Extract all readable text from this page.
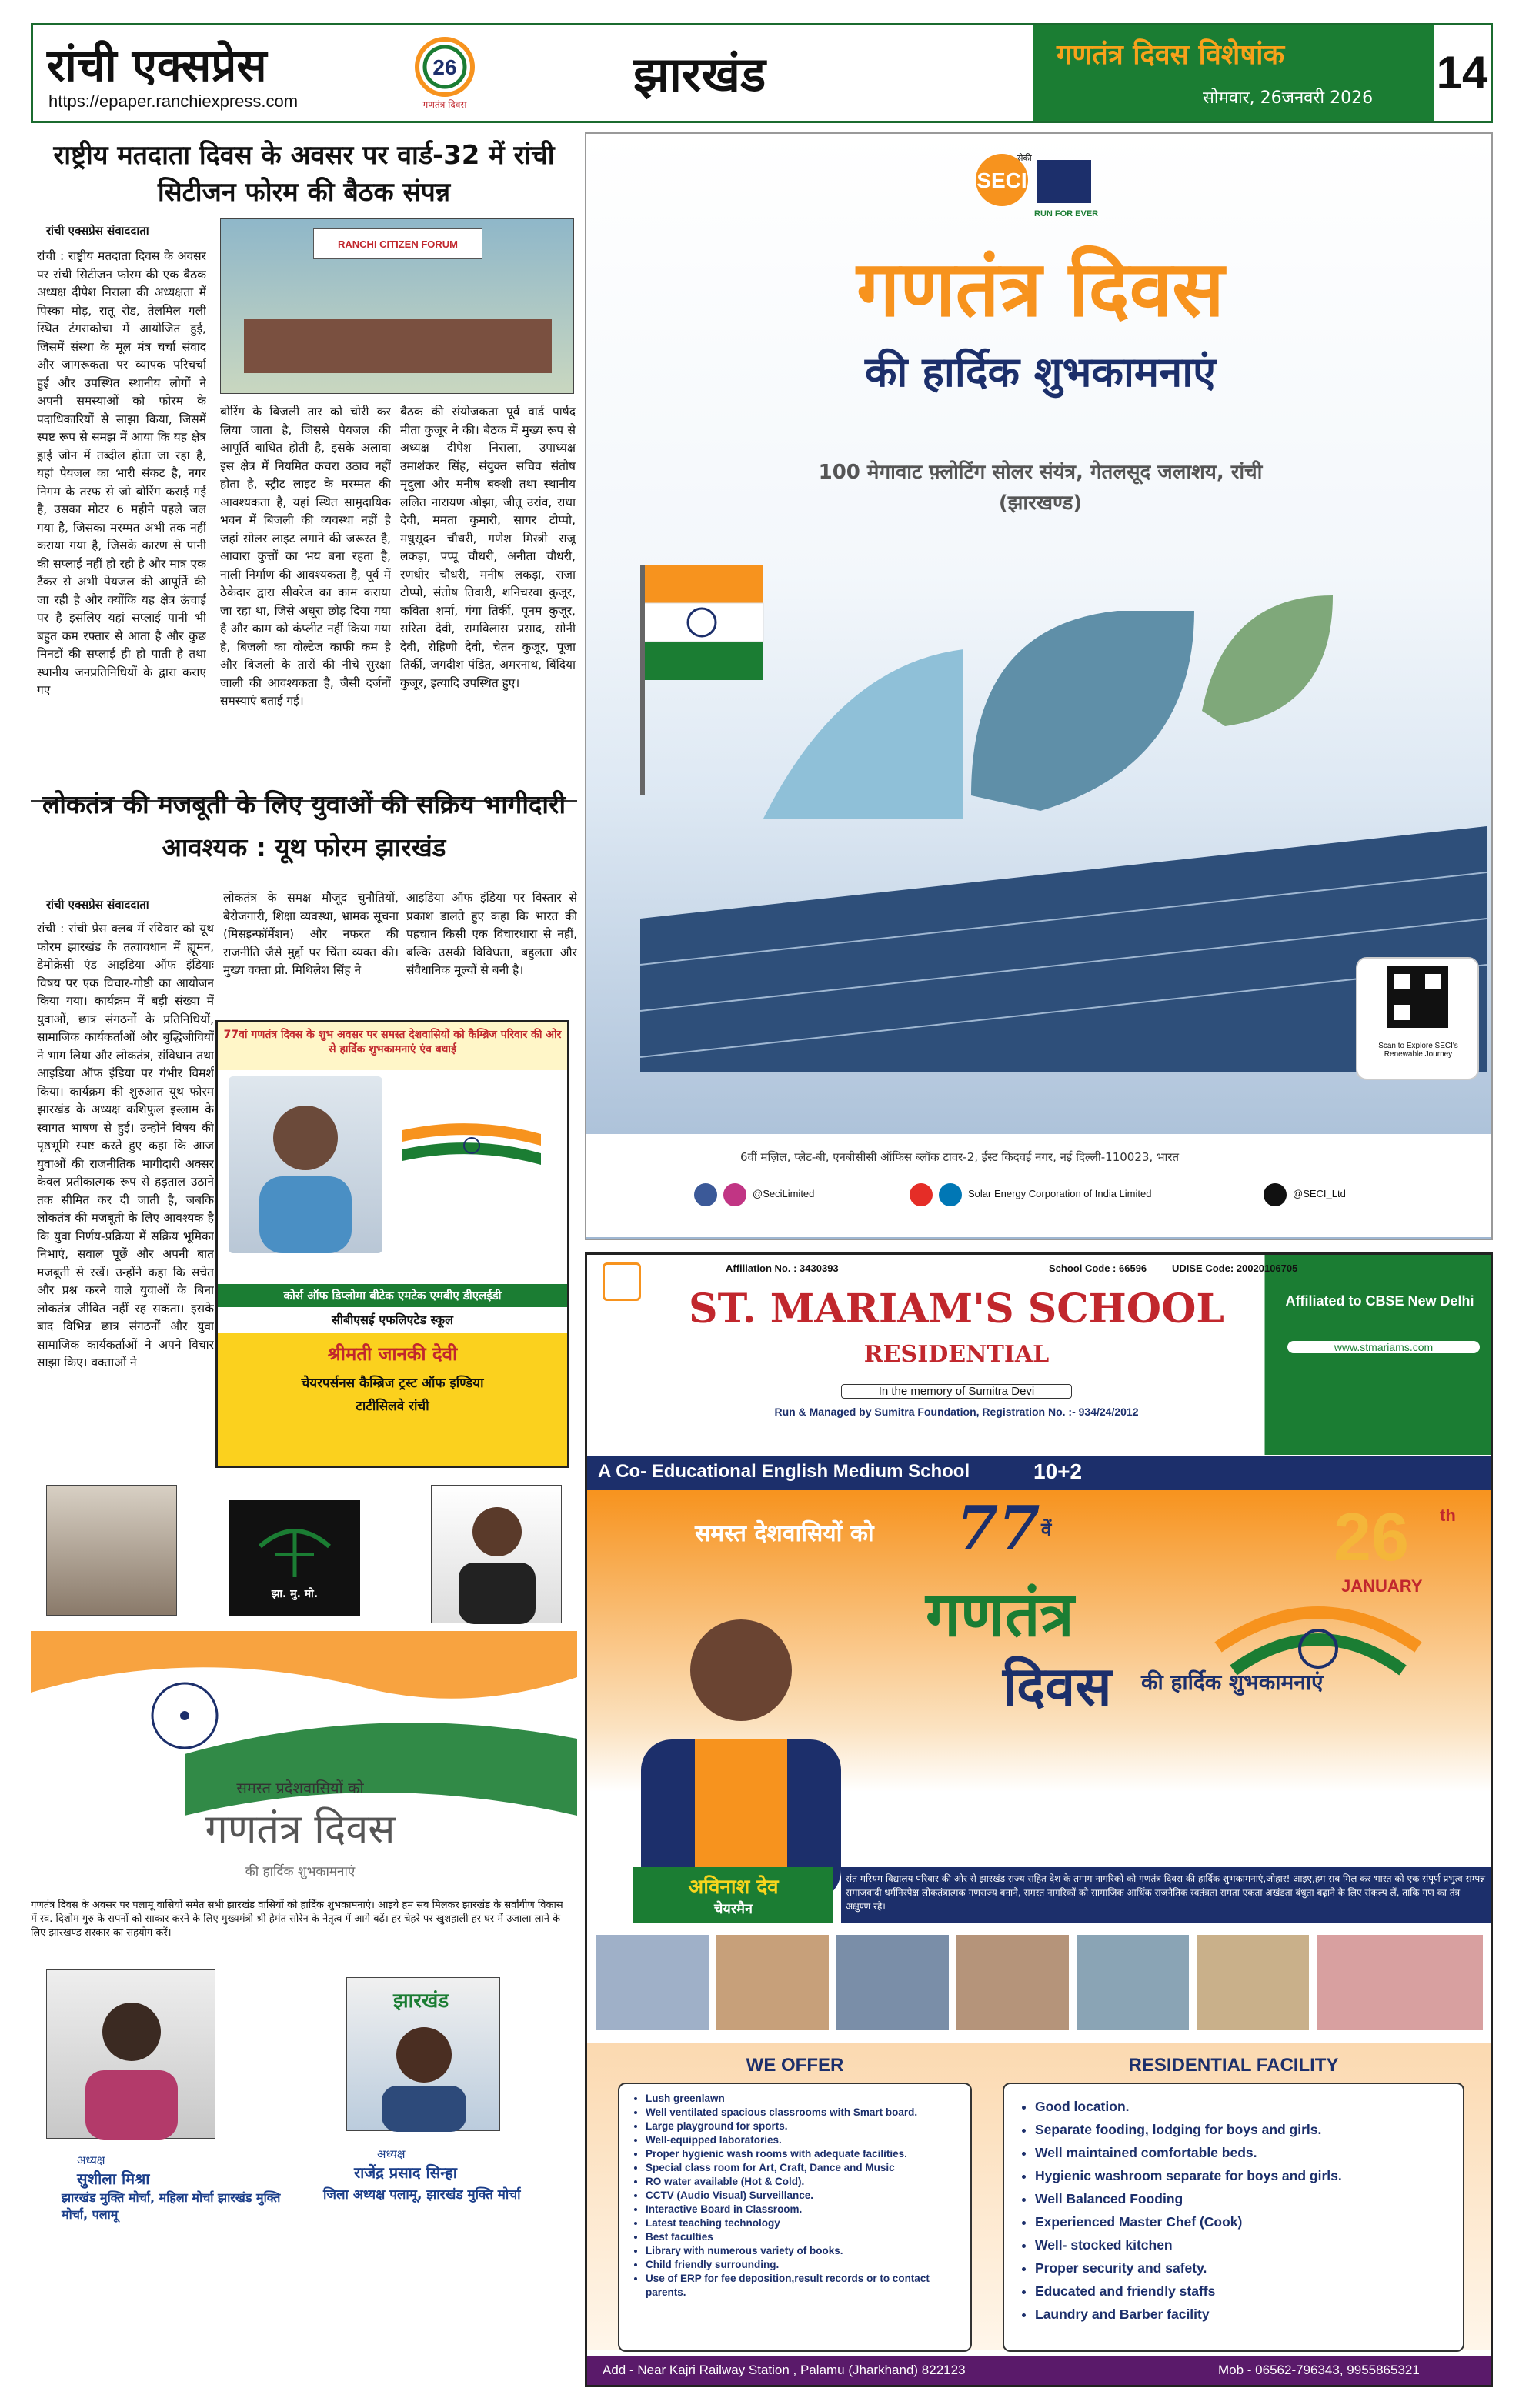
रांची एक्सप्रेस
https://epaper.ranchiexpress.com
26
गणतंत्र दिवस
झारखंड	गणतंत्र दिवस विशेषांक
सोमवार, 26जनवरी 2026 14
राष्ट्रीय मतदाता दिवस के अवसर पर वार्ड-32 में रांची सिटीजन फोरम की बैठक संपन्न
रांची एक्सप्रेस संवाददाता
रांची : राष्ट्रीय मतदाता दिवस के अवसर पर रांची सिटीजन फोरम की एक बैठक अध्यक्ष दीपेश निराला की अध्यक्षता में पिस्का मोड़, रातू रोड, तेलमिल गली स्थित टंगराकोचा में आयोजित हुई, जिसमें संस्था के मूल मंत्र चर्चा संवाद और जागरूकता पर व्यापक परिचर्चा हुई और उपस्थित स्थानीय लोगों ने अपनी समस्याओं को फोरम के पदाधिकारियों से साझा किया, जिसमें स्पष्ट रूप से समझ में आया कि यह क्षेत्र ड्राई जोन में तब्दील होता जा रहा है, यहां पेयजल का भारी संकट है, नगर निगम के तरफ से जो बोरिंग कराई गई है, उसका मोटर 6 महीने पहले जल गया है, जिसका मरम्मत अभी तक नहीं कराया गया है, जिसके कारण से पानी की सप्लाई नहीं हो रही है और मात्र एक टैंकर से अभी पेयजल की आपूर्ति की जा रही है और क्योंकि यह क्षेत्र ऊंचाई पर है इसलिए यहां सप्लाई पानी भी बहुत कम रफ्तार से आता है और कुछ मिनटों की सप्लाई ही हो पाती है तथा स्थानीय जनप्रतिनिधियों के द्वारा कराए गए
RANCHI CITIZEN FORUM
बोरिंग के बिजली तार को चोरी कर लिया जाता है, जिससे पेयजल की आपूर्ति बाधित होती है, इसके अलावा इस क्षेत्र में नियमित कचरा उठाव नहीं होता है, स्ट्रीट लाइट के मरम्मत की आवश्यकता है, यहां स्थित सामुदायिक भवन में बिजली की व्यवस्था नहीं है जहां सोलर लाइट लगाने की जरूरत है, आवारा कुत्तों का भय बना रहता है, नाली निर्माण की आवश्यकता है, पूर्व में ठेकेदार द्वारा सीवरेज का काम कराया जा रहा था, जिसे अधूरा छोड़ दिया गया है और काम को कंप्लीट नहीं किया गया है, बिजली का वोल्टेज काफी कम है और बिजली के तारों की नीचे सुरक्षा जाली की आवश्यकता है, जैसी दर्जनों समस्याएं बताई गई।
बैठक की संयोजकता पूर्व वार्ड पार्षद मीता कुजूर ने की। बैठक में मुख्य रूप से अध्यक्ष दीपेश निराला, उपाध्यक्ष उमाशंकर सिंह, संयुक्त सचिव संतोष मृदुला और मनीष बक्शी तथा स्थानीय ललित नारायण ओझा, जीतू उरांव, राधा देवी, ममता कुमारी, सागर टोप्पो, मधुसूदन चौधरी, गणेश मिस्त्री राजू लकड़ा, पप्पू चौधरी, अनीता चौधरी, रणधीर चौधरी, मनीष लकड़ा, राजा टोप्पो, संतोष तिवारी, शनिचरवा कुजूर, कविता शर्मा, गंगा तिर्की, पूनम कुजूर, सरिता देवी, रामविलास प्रसाद, सोनी देवी, रोहिणी देवी, चेतन कुजूर, पूजा तिर्की, जगदीश पंडित, अमरनाथ, बिंदिया कुजूर, इत्यादि उपस्थित हुए।
लोकतंत्र की मजबूती के लिए युवाओं की सक्रिय भागीदारी आवश्यक : यूथ फोरम झारखंड
रांची एक्सप्रेस संवाददाता
रांची : रांची प्रेस क्लब में रविवार को यूथ फोरम झारखंड के तत्वावधान में ह्यूमन, डेमोक्रेसी एंड आइडिया ऑफ इंडियाः विषय पर एक विचार-गोष्ठी का आयोजन किया गया। कार्यक्रम में बड़ी संख्या में युवाओं, छात्र संगठनों के प्रतिनिधियों, सामाजिक कार्यकर्ताओं और बुद्धिजीवियों ने भाग लिया और लोकतंत्र, संविधान तथा आइडिया ऑफ इंडिया पर गंभीर विमर्श किया। कार्यक्रम की शुरुआत यूथ फोरम झारखंड के अध्यक्ष कशिफुल इस्लाम के स्वागत भाषण से हुई। उन्होंने विषय की पृष्ठभूमि स्पष्ट करते हुए कहा कि आज युवाओं की राजनीतिक भागीदारी अक्सर केवल प्रतीकात्मक रूप से हड़ताल उठाने तक सीमित कर दी जाती है, जबकि लोकतंत्र की मजबूती के लिए आवश्यक है कि युवा निर्णय-प्रक्रिया में सक्रिय भूमिका निभाएं, सवाल पूछें और अपनी बात मजबूती से रखें। उन्होंने कहा कि सचेत और प्रश्न करने वाले युवाओं के बिना लोकतंत्र जीवित नहीं रह सकता। इसके बाद विभिन्न छात्र संगठनों और युवा सामाजिक कार्यकर्ताओं ने अपने विचार साझा किए। वक्ताओं ने
लोकतंत्र के समक्ष मौजूद चुनौतियों, बेरोजगारी, शिक्षा व्यवस्था, भ्रामक सूचना (मिसइन्फॉर्मेशन) और नफरत की राजनीति जैसे मुद्दों पर चिंता व्यक्त की। मुख्य वक्ता प्रो. मिथिलेश सिंह ने
आइडिया ऑफ इंडिया पर विस्तार से प्रकाश डालते हुए कहा कि भारत की पहचान किसी एक विचारधारा से नहीं, बल्कि उसकी विविधता, बहुलता और संवैधानिक मूल्यों से बनी है।
77वां गणतंत्र दिवस के शुभ अवसर पर समस्त देशवासियों को कैम्ब्रिज परिवार की ओर से हार्दिक शुभकामनाएं एंव बधाई
कोर्स ऑफ डिप्लोमा बीटेक एमटेक एमबीए डीएलईडी
सीबीएसई एफलिएटेड स्कूल
श्रीमती जानकी देवी
चेयरपर्सनस कैम्ब्रिज ट्रस्ट ऑफ इण्डिया
टाटीसिलवे रांची
झा. मु. मो.
समस्त प्रदेशवासियों को
गणतंत्र दिवस
की हार्दिक शुभकामनाएं
गणतंत्र दिवस के अवसर पर पलामू वासियों समेत सभी झारखंड वासियों को हार्दिक शुभकामनाएं। आइये हम सब मिलकर झारखंड के सर्वांगीण विकास में स्व. दिशोम गुरु के सपनों को साकार करने के लिए मुख्यमंत्री श्री हेमंत सोरेन के नेतृत्व में आगे बढ़ें। हर चेहरे पर खुशहाली हर घर में उजाला लाने के लिए झारखण्ड सरकार का सहयोग करें।
झारखंड
अध्यक्ष
सुशीला मिश्रा
झारखंड मुक्ति मोर्चा, महिला मोर्चा झारखंड मुक्ति मोर्चा, पलामू
अध्यक्ष
राजेंद्र प्रसाद सिन्हा
जिला अध्यक्ष पलामू, झारखंड मुक्ति मोर्चा
SECI
सेकी
RUN FOR EVER
गणतंत्र दिवस
की हार्दिक शुभकामनाएं
100 मेगावाट फ़्लोटिंग सोलर संयंत्र, गेतलसूद जलाशय, रांची
(झारखण्ड)
Scan to Explore SECI's Renewable Journey
6वीं मंज़िल, प्लेट-बी, एनबीसीसी ऑफिस ब्लॉक टावर-2, ईस्ट किदवई नगर, नई दिल्ली-110023, भारत
@SeciLimited	Solar Energy Corporation of India Limited	@SECI_Ltd
Affiliation No. : 3430393	School Code : 66596	UDISE Code: 20020106705
ST. MARIAM'S SCHOOL
RESIDENTIAL
In the memory of Sumitra Devi
Run & Managed by Sumitra Foundation, Registration No. :- 934/24/2012
Affiliated to CBSE New Delhi
www.stmariams.com
A Co- Educational English Medium School	10+2
समस्त देशवासियों को 77 वें
गणतंत्र
दिवस की हार्दिक शुभकामनाएं
26 th
JANUARY
अविनाश देव
चेयरमैन
संत मरियम विद्यालय परिवार की ओर से झारखंड राज्य सहित देश के तमाम नागरिकों को गणतंत्र दिवस की हार्दिक शुभकामनाएं,जोहार! आइए,हम सब मिल कर भारत को एक संपूर्ण प्रभुत्व सम्पन्न समाजवादी धर्मनिरपेक्ष लोकतंत्रात्मक गणराज्य बनाने, समस्त नागरिकों को सामाजिक आर्थिक राजनैतिक स्वतंत्रता समता एकता अखंडता बंधुता बढ़ाने के लिए संकल्प लें, ताकि गण का तंत्र अक्षुण्ण रहे।
WE OFFER
• Lush greenlawn
• Well ventilated spacious classrooms with Smart board.
• Large playground for sports.
• Well-equipped laboratories.
• Proper hygienic wash rooms with adequate facilities.
• Special class room for Art, Craft, Dance and Music
• RO water available (Hot & Cold).
• CCTV (Audio Visual) Surveillance.
• Interactive Board in Classroom.
• Latest teaching technology
• Best faculties
• Library with numerous variety of books.
• Child friendly surrounding.
• Use of ERP for fee deposition,result records or to contact parents.
RESIDENTIAL FACILITY
• Good location.
• Separate fooding, lodging for boys and girls.
• Well maintained comfortable beds.
• Hygienic washroom separate for boys and girls.
• Well Balanced Fooding
• Experienced Master Chef (Cook)
• Well- stocked kitchen
• Proper security and safety.
• Educated and friendly staffs
• Laundry and Barber facility
Add - Near Kajri Railway Station , Palamu (Jharkhand) 822123	Mob - 06562-796343, 9955865321
